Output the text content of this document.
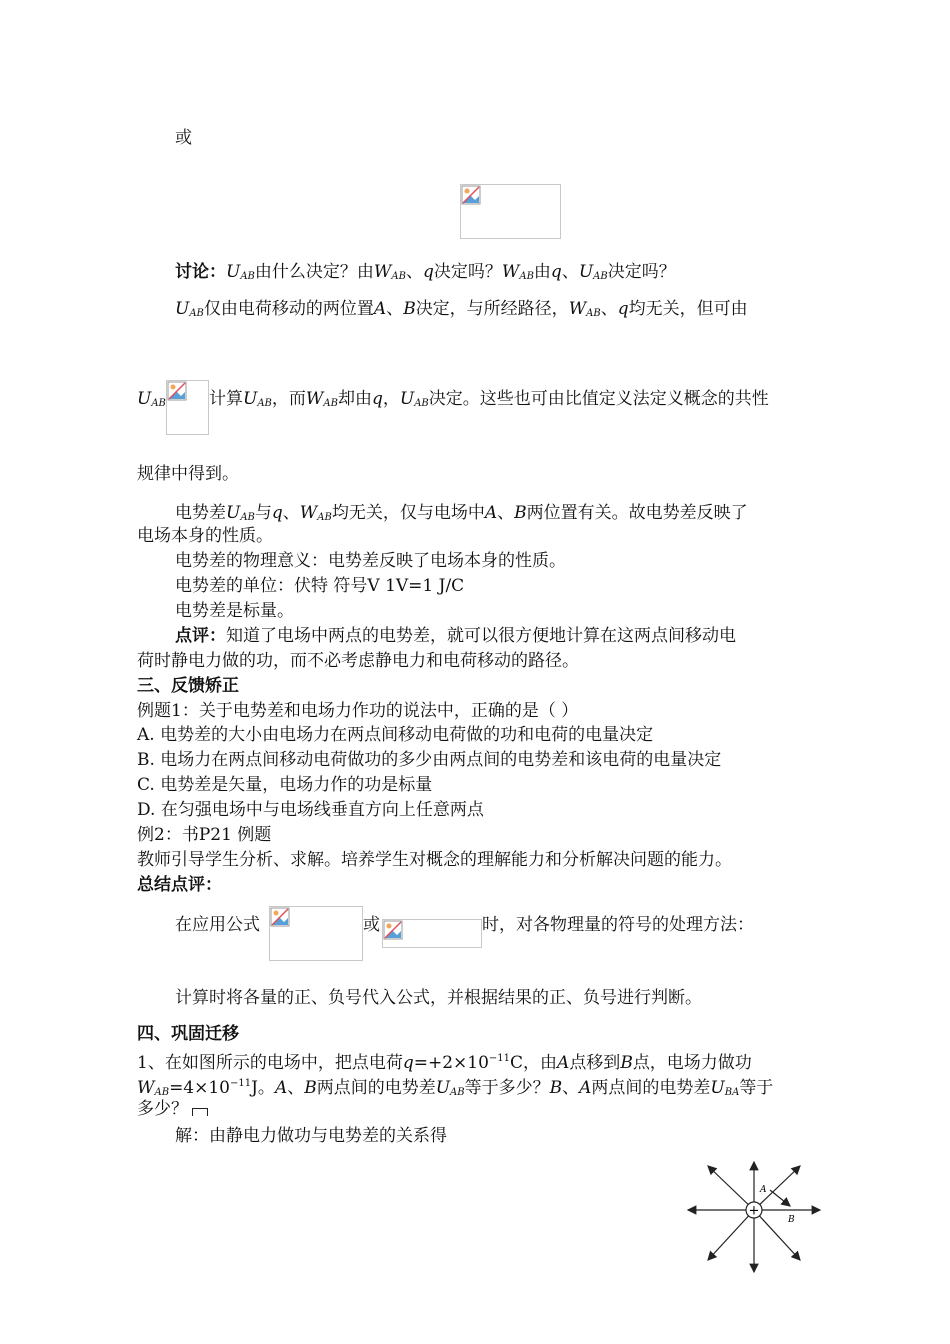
或
讨论：$U_{AB}$由什么决定？由$W_{AB}$、q决定吗？$W_{AB}$由q、$U_{AB}$决定吗？
$U_{AB}$仅由电荷移动的两位置A、B决定，与所经路径，$W_{AB}$、q均无关，但可由
$U_{AB}$	计算$U_{AB}$，而$W_{AB}$却由q，$U_{AB}$决定。这些也可由比值定义法定义概念的共性
规律中得到。
电势差$U_{AB}$与q、$W_{AB}$均无关，仅与电场中A、B两位置有关。故电势差反映了
电场本身的性质。
电势差的物理意义：电势差反映了电场本身的性质。
电势差的单位：伏特 符号V 1V=1 J/C
电势差是标量。
点评：知道了电场中两点的电势差，就可以很方便地计算在这两点间移动电
荷时静电力做的功，而不必考虑静电力和电荷移动的路径。
三、反馈矫正
例题1：关于电势差和电场力作功的说法中，正确的是（ ）
A. 电势差的大小由电场力在两点间移动电荷做的功和电荷的电量决定
B. 电场力在两点间移动电荷做功的多少由两点间的电势差和该电荷的电量决定
C. 电势差是矢量，电场力作的功是标量
D. 在匀强电场中与电场线垂直方向上任意两点
例2：书P21 例题
教师引导学生分析、求解。培养学生对概念的理解能力和分析解决问题的能力。
总结点评：
在应用公式	或	时，对各物理量的符号的处理方法：
计算时将各量的正、负号代入公式，并根据结果的正、负号进行判断。
四、巩固迁移
1、在如图所示的电场中，把点电荷$q=+2\times 10^{-11}C$，由A点移到B点，电场力做功
$W_{AB}=4\times 10^{-11}J$。A、B两点间的电势差$U_{AB}$等于多少？B、A两点间的电势差$U_{BA}$等于
多少？
解：由静电力做功与电势差的关系得
+
A
B
